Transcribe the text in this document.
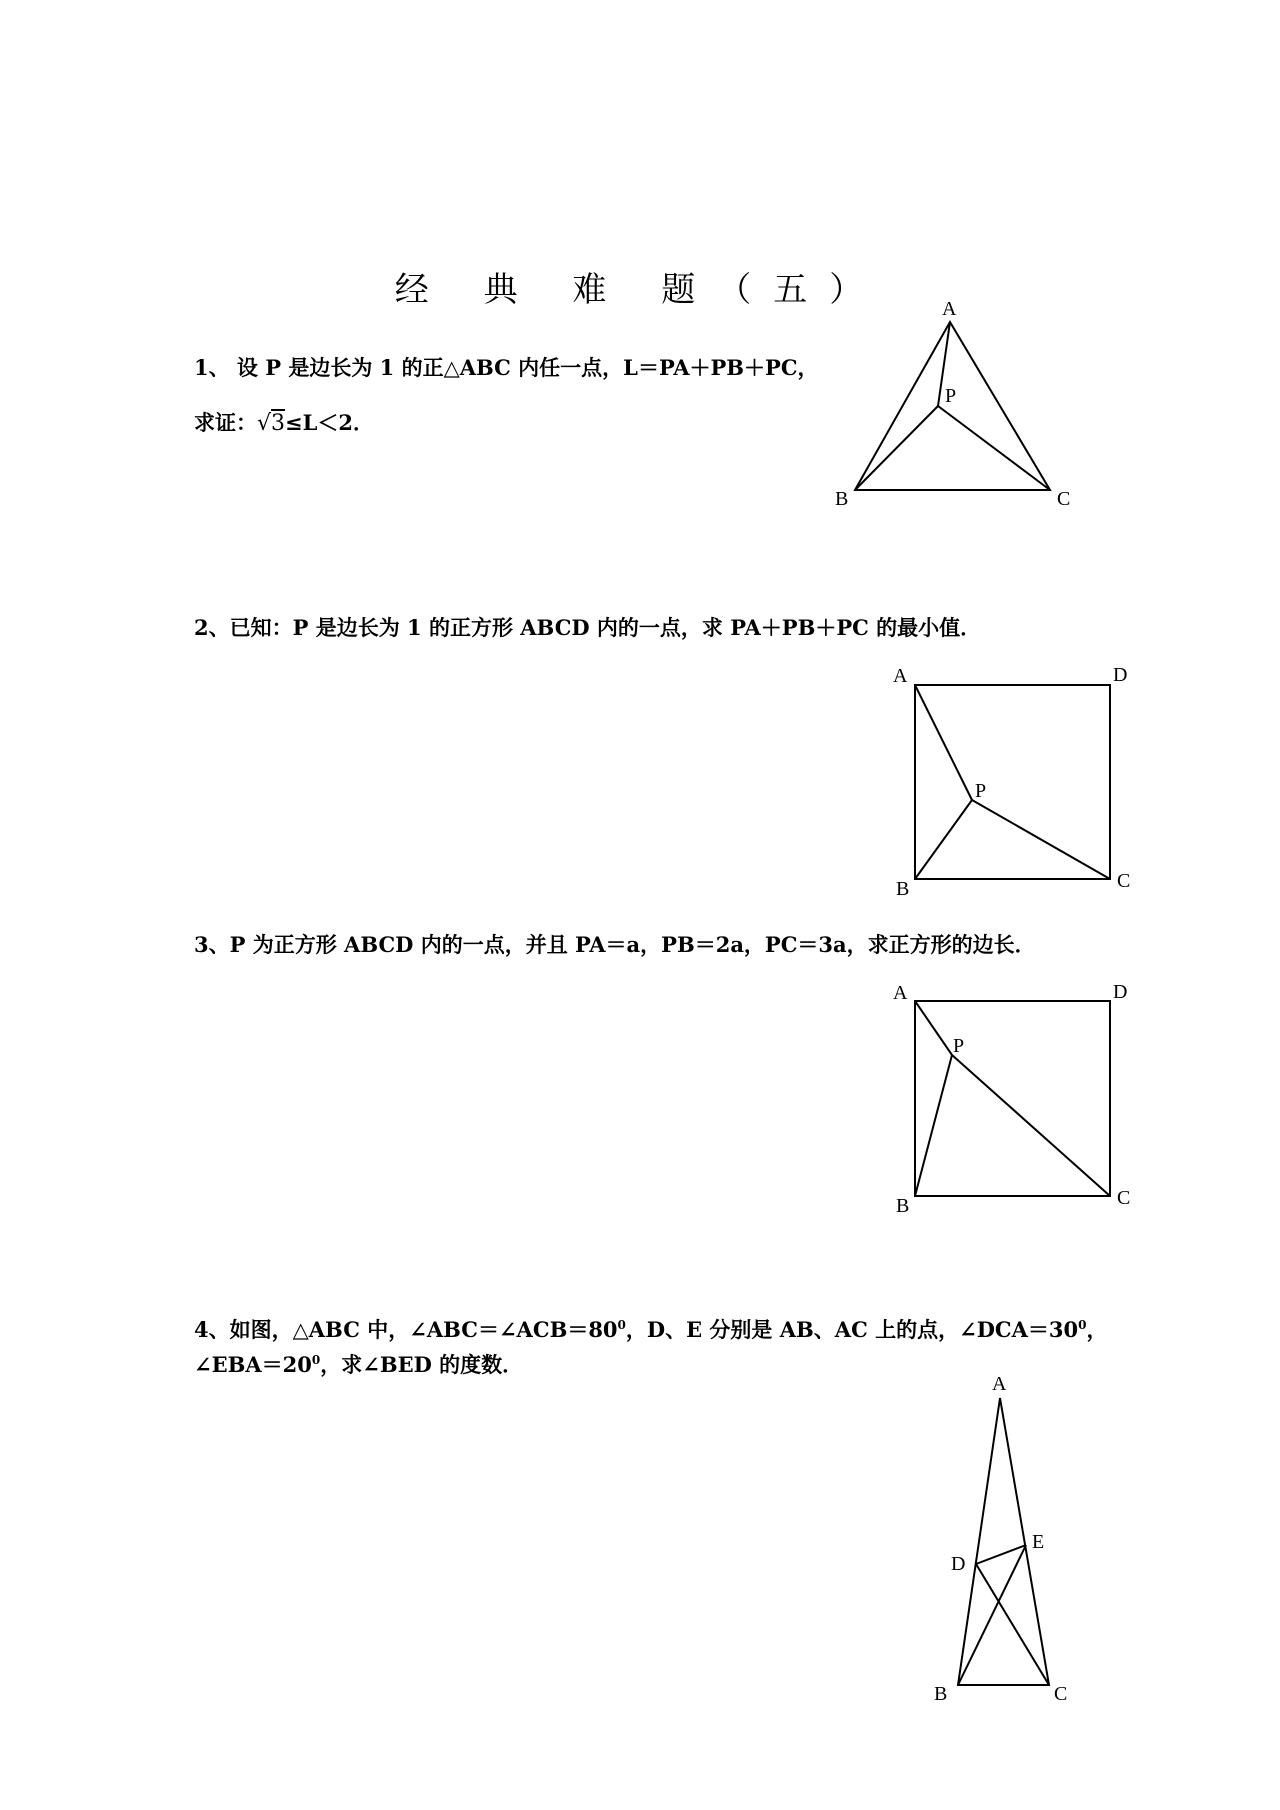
经 典 难 题（五）
1、 设 P 是边长为 1 的正△ABC 内任一点，L＝PA＋PB＋PC，
求证：√3≤L＜2．
A
P
B	C
2、已知：P 是边长为 1 的正方形 ABCD 内的一点，求 PA＋PB＋PC 的最小值．
A	D
P
B	C
3、P 为正方形 ABCD 内的一点，并且 PA＝a，PB＝2a，PC＝3a，求正方形的边长．
A	D
P
B	C
4、如图，△ABC 中，$\angle ABC=\angle ACB=80^0$，D、E 分别是 AB、AC 上的点，$\angle DCA=30^0$，
$\angle EBA=20^0$，求∠BED 的度数．
A
E
D
B	C
